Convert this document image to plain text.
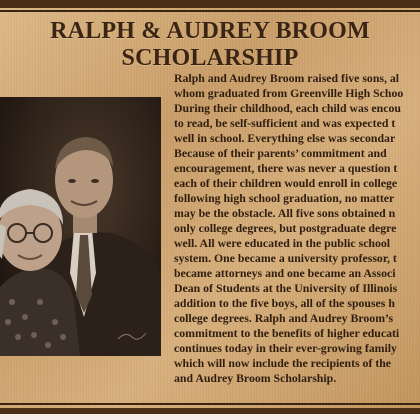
RALPH & AUDREY BROOM
SCHOLARSHIP
Ralph and Audrey Broom raised five sons, al
whom graduated from Greenville High Schoo
During their childhood, each child was encou
to read, be self-sufficient and was expected t
well in school. Everything else was secondar
Because of their parents’ commitment and
encouragement, there was never a question t
each of their children would enroll in college
following high school graduation, no matter
may be the obstacle. All five sons obtained n
only college degrees, but postgraduate degre
well. All were educated in the public school
system. One became a university professor, t
became attorneys and one became an Associ
Dean of Students at the University of Illinois
addition to the five boys, all of the spouses h
college degrees. Ralph and Audrey Broom’s
commitment to the benefits of higher educati
continues today in their ever-growing family
which will now include the recipients of the
and Audrey Broom Scholarship.
